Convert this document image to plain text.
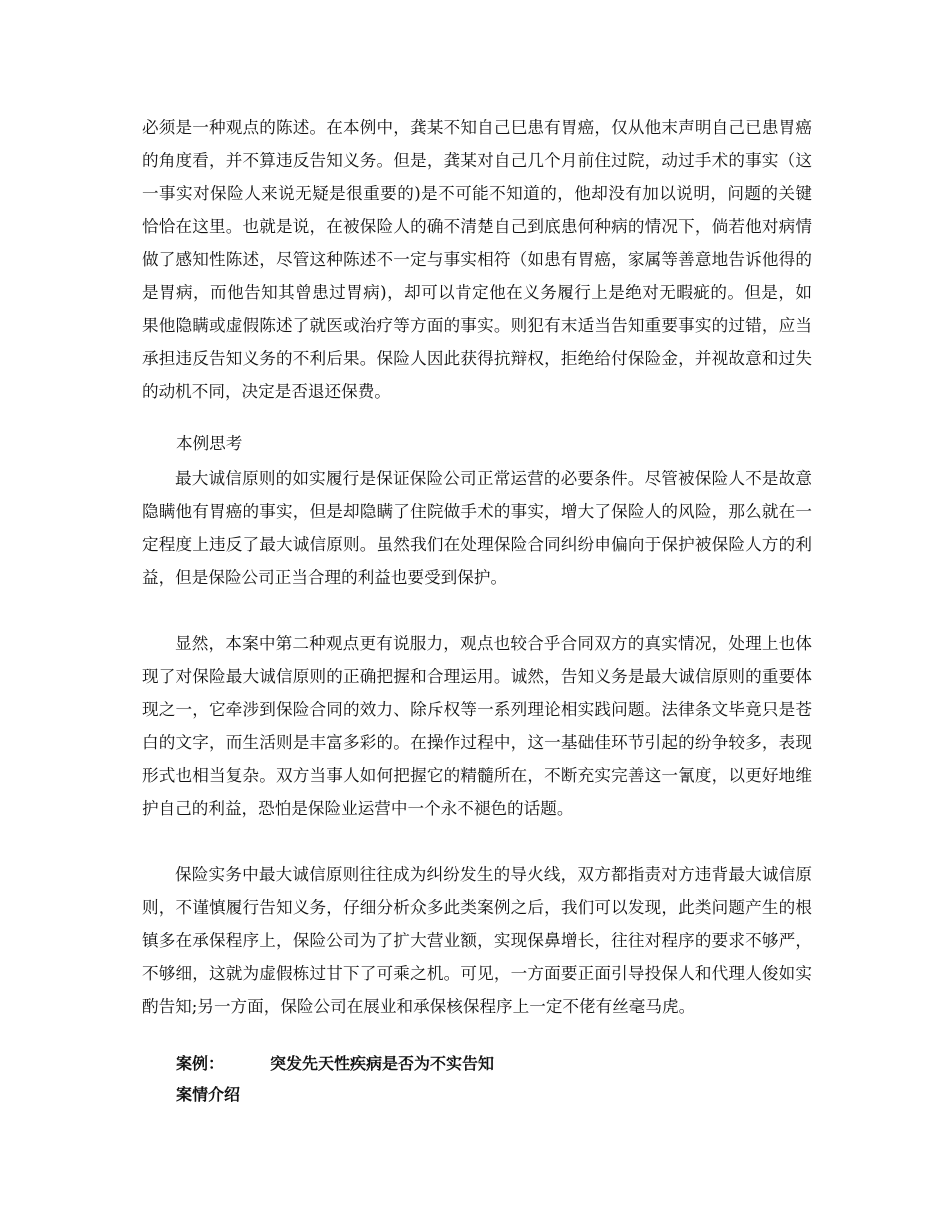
必须是一种观点的陈述。在本例中，龚某不知自己巳患有胃癌，仅从他末声明自己已患胃癌的角度看，并不算违反告知义务。但是，龚某对自己几个月前住过院，动过手术的事实（这一事实对保险人来说无疑是很重要的)是不可能不知道的，他却没有加以说明，问题的关键恰恰在这里。也就是说，在被保险人的确不清楚自己到底患何种病的情况下，倘若他对病情做了感知性陈述，尽管这种陈述不一定与事实相符（如患有胃癌，家属等善意地告诉他得的是胃病，而他告知其曾患过胃病)，却可以肯定他在义务履行上是绝对无暇疵的。但是，如果他隐瞒或虚假陈述了就医或治疗等方面的事实。则犯有末适当告知重要事实的过错，应当承担违反告知义务的不利后果。保险人因此获得抗辩权，拒绝给付保险金，并视故意和过失的动机不同，决定是否退还保费。

本例思考

最大诚信原则的如实履行是保证保险公司正常运营的必要条件。尽管被保险人不是故意隐瞒他有胃癌的事实，但是却隐瞒了住院做手术的事实，增大了保险人的风险，那么就在一定程度上违反了最大诚信原则。虽然我们在处理保险合同纠纷申偏向于保护被保险人方的利益，但是保险公司正当合理的利益也要受到保护。

显然，本案中第二种观点更有说服力，观点也较合乎合同双方的真实情况，处理上也体现了对保险最大诚信原则的正确把握和合理运用。诚然，告知义务是最大诚信原则的重要体现之一，它牵涉到保险合同的效力、除斥权等一系列理论相实践问题。法律条文毕竟只是苍白的文字，而生活则是丰富多彩的。在操作过程中，这一基础佳环节引起的纷争较多，表现形式也相当复杂。双方当事人如何把握它的精髓所在，不断充实完善这一氰度，以更好地维护自己的利益，恐怕是保险业运营中一个永不褪色的话题。

保险实务中最大诚信原则往往成为纠纷发生的导火线，双方都指责对方违背最大诚信原则，不谨慎履行告知义务，仔细分析众多此类案例之后，我们可以发现，此类问题产生的根镇多在承保程序上，保险公司为了扩大营业额，实现保鼻增长，往往对程序的要求不够严，不够细，这就为虚假栋过甘下了可乘之机。可见，一方面要正面引导投保人和代理人俊如实酌告知;另一方面，保险公司在展业和承保核保程序上一定不佬有丝毫马虎。

案例：	突发先天性疾病是否为不实告知

案情介绍
